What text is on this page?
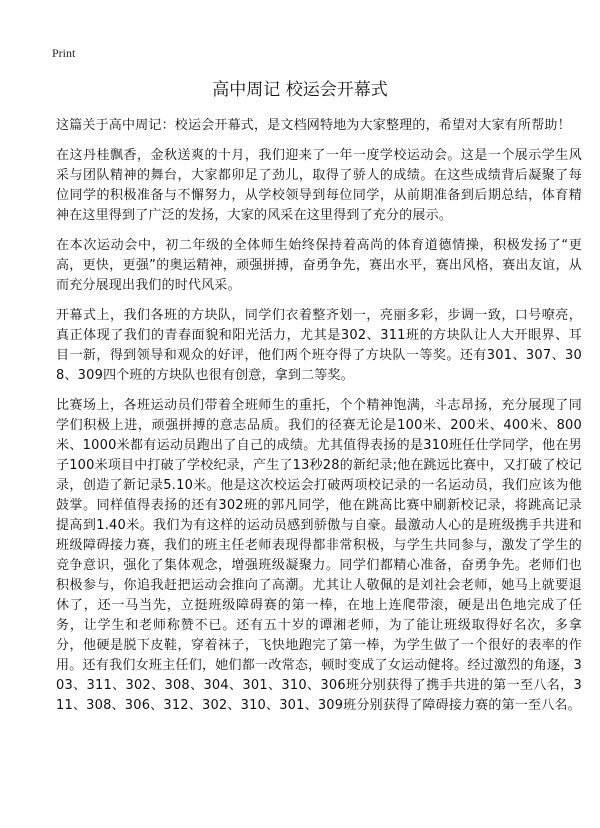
Print
高中周记 校运会开幕式

这篇关于高中周记：校运会开幕式，是文档网特地为大家整理的，希望对大家有所帮助！

在这丹桂飘香，金秋送爽的十月，我们迎来了一年一度学校运动会。这是一个展示学生风采与团队精神的舞台，大家都卯足了劲儿，取得了骄人的成绩。在这些成绩背后凝聚了每位同学的积极准备与不懈努力，从学校领导到每位同学，从前期准备到后期总结，体育精神在这里得到了广泛的发扬，大家的风采在这里得到了充分的展示。

在本次运动会中，初二年级的全体师生始终保持着高尚的体育道德情操，积极发扬了“更高，更快，更强”的奥运精神，顽强拼搏，奋勇争先，赛出水平，赛出风格，赛出友谊，从而充分展现出我们的时代风采。

开幕式上，我们各班的方块队，同学们衣着整齐划一，亮丽多彩，步调一致，口号嘹亮，真正体现了我们的青春面貌和阳光活力，尤其是302、311班的方块队让人大开眼界、耳目一新，得到领导和观众的好评，他们两个班夺得了方块队一等奖。还有301、307、308、309四个班的方块队也很有创意，拿到二等奖。

比赛场上，各班运动员们带着全班师生的重托，个个精神饱满，斗志昂扬，充分展现了同学们积极上进，顽强拼搏的意志品质。我们的径赛无论是100米、200米、400米、800米、1000米都有运动员跑出了自己的成绩。尤其值得表扬的是310班任仕学同学，他在男子100米项目中打破了学校纪录，产生了13秒28的新纪录;他在跳远比赛中，又打破了校记录，创造了新记录5.10米。他是这次校运会打破两项校记录的一名运动员，我们应该为他鼓掌。同样值得表扬的还有302班的郭凡同学，他在跳高比赛中刷新校记录，将跳高记录提高到1.40米。我们为有这样的运动员感到骄傲与自豪。最激动人心的是班级携手共进和班级障碍接力赛，我们的班主任老师表现得都非常积极，与学生共同参与，激发了学生的竞争意识，强化了集体观念，增强班级凝聚力。同学们都精心准备，奋勇争先。老师们也积极参与，你追我赶把运动会推向了高潮。尤其让人敬佩的是刘社会老师，她马上就要退休了，还一马当先，立挺班级障碍赛的第一棒，在地上连爬带滚，硬是出色地完成了任务，让学生和老师称赞不已。还有五十岁的谭湘老师，为了能让班级取得好名次，多拿分，他硬是脱下皮鞋，穿着袜子，飞快地跑完了第一棒，为学生做了一个很好的表率的作用。还有我们女班主任们，她们都一改常态，顿时变成了女运动健将。经过激烈的角逐，303、311、302、308、304、301、310、306班分别获得了携手共进的第一至八名，311、308、306、312、302、310、301、309班分别获得了障碍接力赛的第一至八名。
